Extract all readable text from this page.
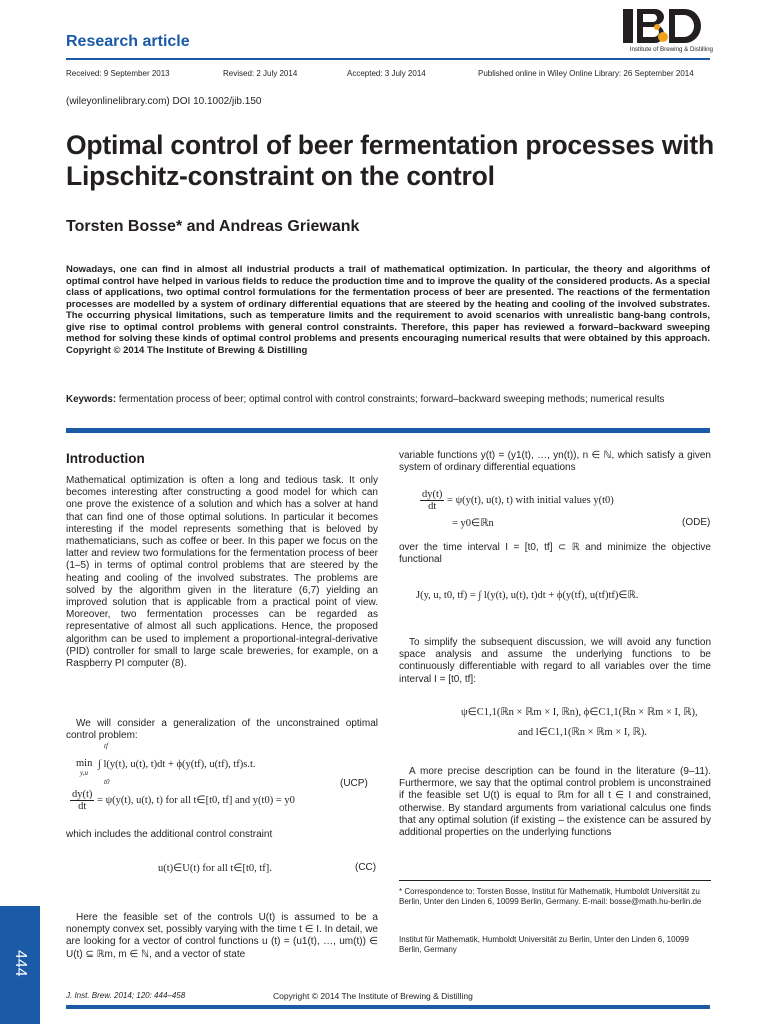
Research article	Institute of Brewing & Distilling
Received: 9 September 2013	Revised: 2 July 2014	Accepted: 3 July 2014	Published online in Wiley Online Library: 26 September 2014
(wileyonlinelibrary.com) DOI 10.1002/jib.150
Optimal control of beer fermentation processes with Lipschitz-constraint on the control
Torsten Bosse* and Andreas Griewank
Nowadays, one can find in almost all industrial products a trail of mathematical optimization. In particular, the theory and algorithms of optimal control have helped in various fields to reduce the production time and to improve the quality of the considered products. As a special class of applications, two optimal control formulations for the fermentation process of beer are presented. The reactions of the fermentation processes are modelled by a system of ordinary differential equations that are steered by the heating and cooling of the involved substrates. The occurring physical limitations, such as temperature limits and the requirement to avoid scenarios with unrealistic bang-bang controls, give rise to optimal control problems with general control constraints. Therefore, this paper has reviewed a forward–backward sweeping method for solving these kinds of optimal control problems and presents encouraging numerical results that were obtained by this approach. Copyright © 2014 The Institute of Brewing & Distilling
Keywords: fermentation process of beer; optimal control with control constraints; forward–backward sweeping methods; numerical results
Introduction
Mathematical optimization is often a long and tedious task. It only becomes interesting after constructing a good model for which can one prove the existence of a solution and which has a solver at hand that can find one of those optimal solutions. In particular it becomes interesting if the model represents something that is beloved by mathematicians, such as coffee or beer. In this paper we focus on the latter and review two formulations for the fermentation process of beer (1–5) in terms of optimal control problems that are steered by the heating and cooling of the involved substrates. The problems are solved by the algorithm given in the literature (6,7) yielding an improved solution that is applicable from a practical point of view. Moreover, two fermentation processes can be regarded as representative of almost all such applications. Hence, the proposed algorithm can be used to implement a proportional-integral-derivative (PID) controller for small to large scale breweries, for example, on a Raspberry PI computer (8).
We will consider a generalization of the unconstrained optimal control problem:
min
y,u
tf
t0
∫ l(y(t), u(t), t)dt + ϕ(y(tf), u(tf), tf)s.t.
(UCP)
$\frac{dy(t)}{dt} = \psi(y(t)$, u(t), t) for all t∈[t0, tf] and y(t0) = y0
which includes the additional control constraint
u(t)∈U(t) for all t∈[t0, tf].	(CC)
Here the feasible set of the controls U(t) is assumed to be a nonempty convex set, possibly varying with the time t ∈ I. In detail, we are looking for a vector of control functions u (t) = (u1(t), …, um(t)) ∈ U(t) ⊆ ℝm, m ∈ ℕ, and a vector of state
variable functions y(t) = (y1(t), …, yn(t)), n ∈ ℕ, which satisfy a given system of ordinary differential equations
$\frac{dy(t)}{dt} = \psi(y(t)$, u(t), t) with initial values y(t0)
= y0∈ℝn	(ODE)
over the time interval I = [t0, tf] ⊂ ℝ and minimize the objective functional
J(y, u, t0, tf) = ∫ l(y(t), u(t), t)dt + ϕ(y(tf), u(tf)tf)∈ℝ.
To simplify the subsequent discussion, we will avoid any function space analysis and assume the underlying functions to be continuously differentiable with regard to all variables over the time interval I = [t0, tf]:
ψ∈C1,1(ℝn × ℝm × I, ℝn), ϕ∈C1,1(ℝn × ℝm × I, ℝ),
and l∈C1,1(ℝn × ℝm × I, ℝ).
A more precise description can be found in the literature (9–11). Furthermore, we say that the optimal control problem is unconstrained if the feasible set U(t) is equal to ℝm for all t ∈ I and constrained, otherwise. By standard arguments from variational calculus one finds that any optimal solution (if existing – the existence can be assured by additional properties on the underlying functions
* Correspondence to: Torsten Bosse, Institut für Mathematik, Humboldt Universität zu Berlin, Unter den Linden 6, 10099 Berlin, Germany. E-mail: bosse@math.hu-berlin.de
Institut für Mathematik, Humboldt Universität zu Berlin, Unter den Linden 6, 10099 Berlin, Germany
444
J. Inst. Brew. 2014; 120: 444–458	Copyright © 2014 The Institute of Brewing & Distilling
